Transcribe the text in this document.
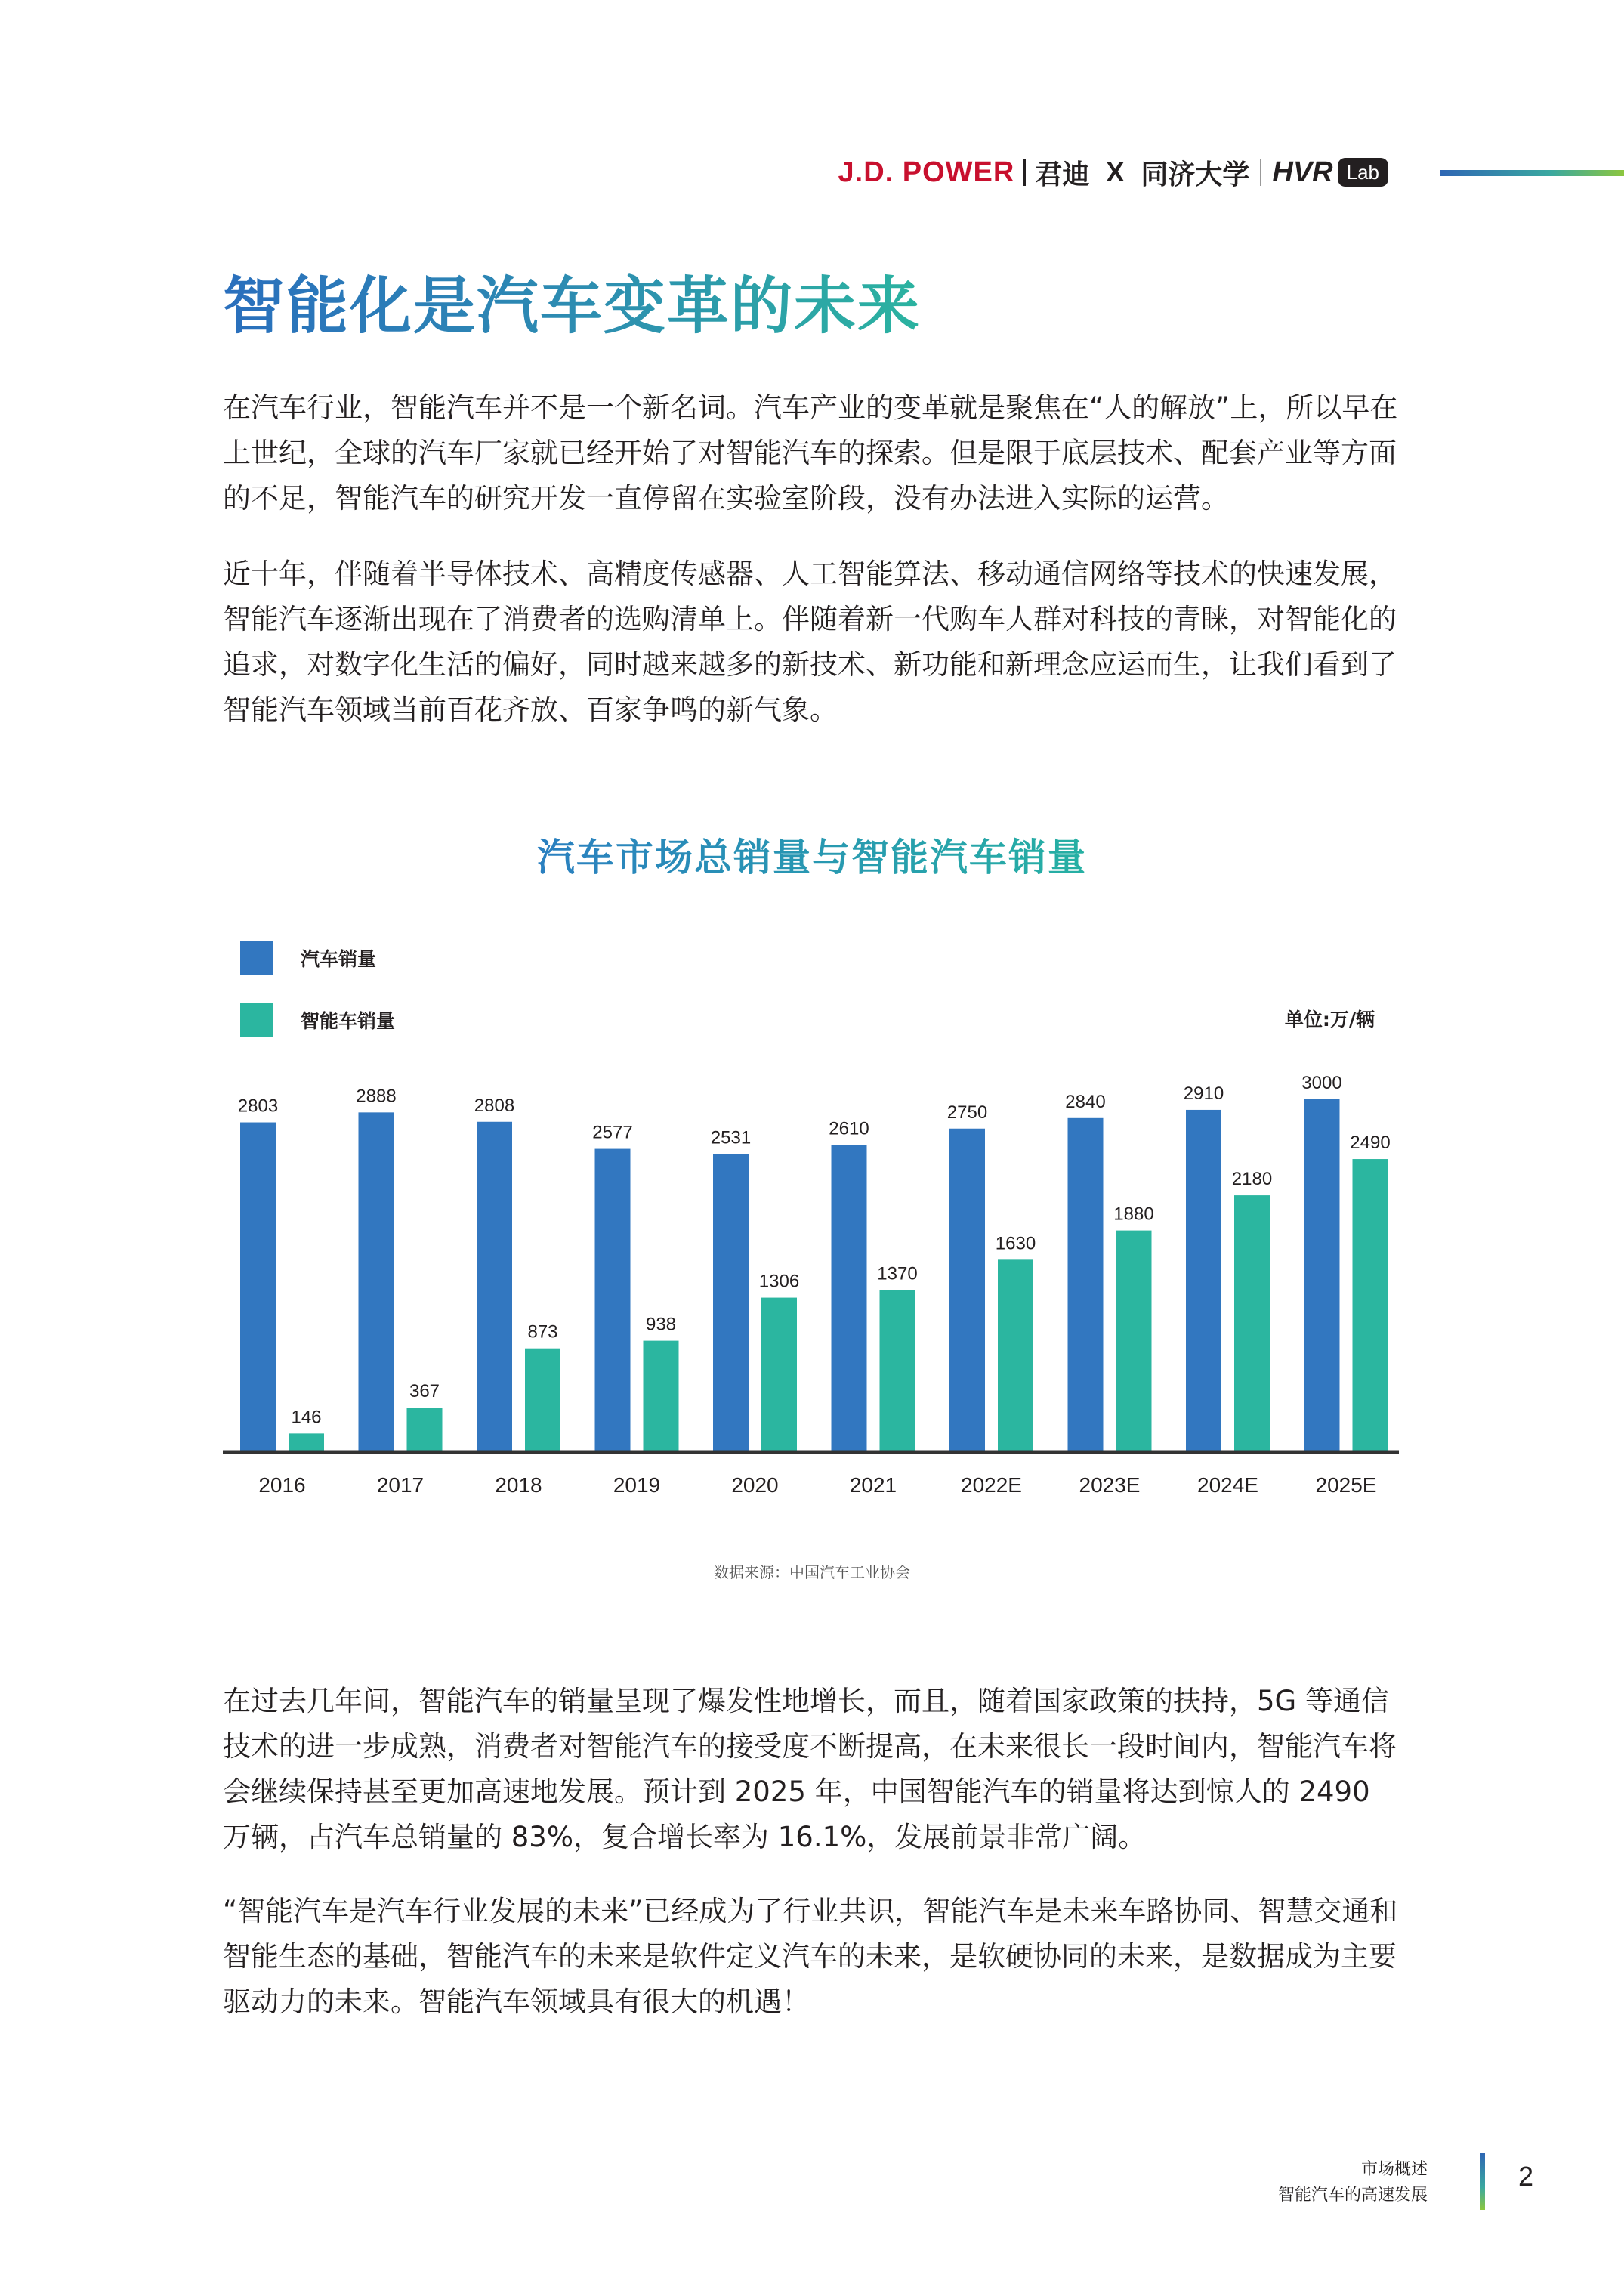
J.D. POWER 君迪 X 同济大学 HVR Lab
智能化是汽车变革的未来

在汽车行业，智能汽车并不是一个新名词。汽车产业的变革就是聚焦在“人的解放”上，所以早在上世纪，全球的汽车厂家就已经开始了对智能汽车的探索。但是限于底层技术、配套产业等方面的不足，智能汽车的研究开发一直停留在实验室阶段，没有办法进入实际的运营。

近十年，伴随着半导体技术、高精度传感器、人工智能算法、移动通信网络等技术的快速发展，智能汽车逐渐出现在了消费者的选购清单上。伴随着新一代购车人群对科技的青睐，对智能化的追求，对数字化生活的偏好，同时越来越多的新技术、新功能和新理念应运而生，让我们看到了智能汽车领域当前百花齐放、百家争鸣的新气象。

汽车市场总销量与智能汽车销量
汽车销量
智能车销量	单位:万/辆
2803
146
2016
2888
367
2017
2808
873
2018
2577
938
2019
2531
1306
2020
2610
1370
2021
2750
1630
2022E
2840
1880
2023E
2910
2180
2024E
3000
2490
2025E
数据来源：中国汽车工业协会

在过去几年间，智能汽车的销量呈现了爆发性地增长，而且，随着国家政策的扶持，5G 等通信技术的进一步成熟，消费者对智能汽车的接受度不断提高，在未来很长一段时间内，智能汽车将会继续保持甚至更加高速地发展。预计到 2025 年，中国智能汽车的销量将达到惊人的 2490 万辆，占汽车总销量的 83%，复合增长率为 16.1%，发展前景非常广阔。

“智能汽车是汽车行业发展的未来”已经成为了行业共识，智能汽车是未来车路协同、智慧交通和智能生态的基础，智能汽车的未来是软件定义汽车的未来，是软硬协同的未来，是数据成为主要驱动力的未来。智能汽车领域具有很大的机遇！

市场概述
智能汽车的高速发展
2
